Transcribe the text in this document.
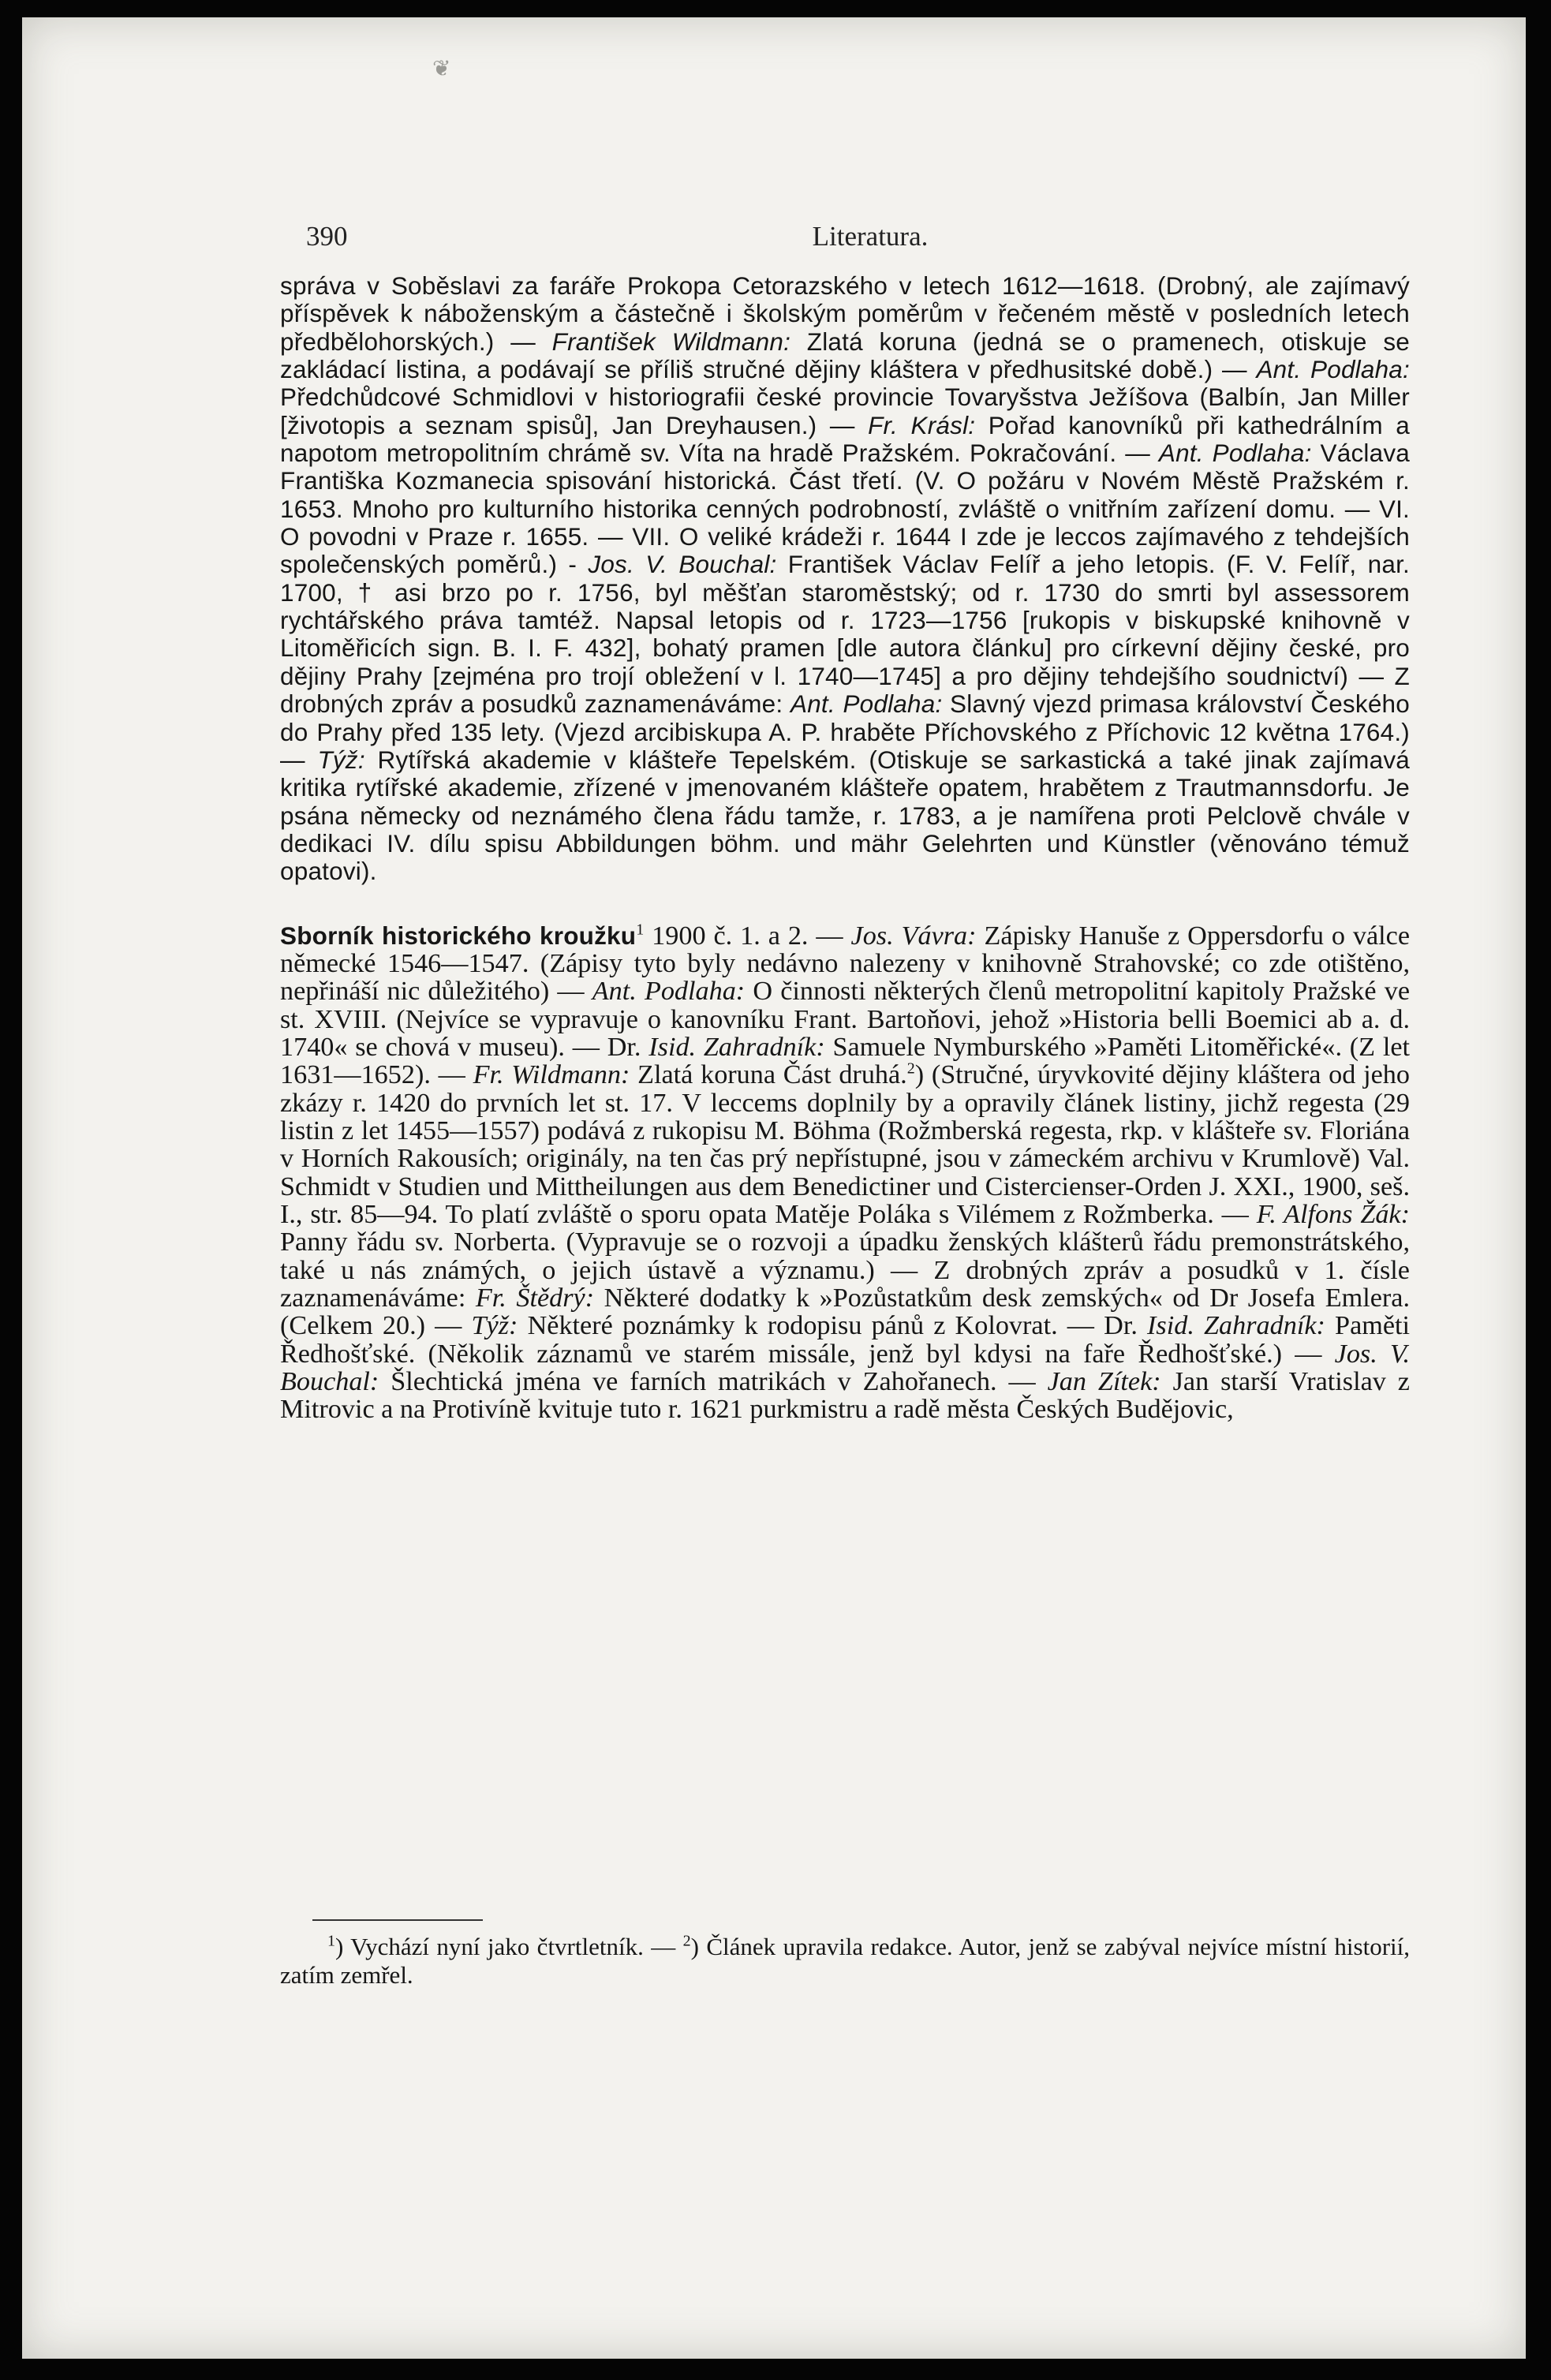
❦
Literatura.
390

správa v Soběslavi za faráře Prokopa Cetorazského v letech 1612—1618. (Drobný, ale zajímavý příspěvek k náboženským a částečně i školským poměrům v řečeném městě v posledních letech předbělohorských.) — František Wildmann: Zlatá koruna (jedná se o pramenech, otiskuje se zakládací listina, a podávají se příliš stručné dějiny kláštera v předhusitské době.) — Ant. Podlaha: Předchůdcové Schmidlovi v historiografii české provincie Tovaryšstva Ježíšova (Balbín, Jan Miller [životopis a seznam spisů], Jan Dreyhausen.) — Fr. Krásl: Pořad kanovníků při kathedrálním a napotom metropolitním chrámě sv. Víta na hradě Pražském. Pokračování. — Ant. Podlaha: Václava Františka Kozmanecia spisování historická. Část třetí. (V. O požáru v Novém Městě Pražském r. 1653. Mnoho pro kulturního historika cenných podrobností, zvláště o vnitřním zařízení domu. — VI. O povodni v Praze r. 1655. — VII. O veliké krádeži r. 1644 I zde je leccos zajímavého z tehdejších společenských poměrů.) - Jos. V. Bouchal: František Václav Felíř a jeho letopis. (F. V. Felíř, nar. 1700, † asi brzo po r. 1756, byl měšťan staroměstský; od r. 1730 do smrti byl assessorem rychtářského práva tamtéž. Napsal letopis od r. 1723—1756 [rukopis v biskupské knihovně v Litoměřicích sign. B. I. F. 432], bohatý pramen [dle autora článku] pro církevní dějiny české, pro dějiny Prahy [zejména pro trojí obležení v l. 1740—1745] a pro dějiny tehdejšího soudnictví) — Z drobných zpráv a posudků zaznamenáváme: Ant. Podlaha: Slavný vjezd primasa království Českého do Prahy před 135 lety. (Vjezd arcibiskupa A. P. hraběte Příchovského z Příchovic 12 května 1764.) — Týž: Rytířská akademie v klášteře Tepelském. (Otiskuje se sarkastická a také jinak zajímavá kritika rytířské akademie, zřízené v jmenovaném klášteře opatem, hrabětem z Trautmannsdorfu. Je psána německy od neznámého člena řádu tamže, r. 1783, a je namířena proti Pelclově chvále v dedikaci IV. dílu spisu Abbildungen böhm. und mähr Gelehrten und Künstler (věnováno témuž opatovi).

Sborník historického kroužku$^1$ 1900 č. 1. a 2. — Jos. Vávra: Zápisky Hanuše z Oppersdorfu o válce německé 1546—1547. (Zápisy tyto byly nedávno nalezeny v knihovně Strahovské; co zde otištěno, nepřináší nic důležitého) — Ant. Podlaha: O činnosti některých členů metropolitní kapitoly Pražské ve st. XVIII. (Nejvíce se vypravuje o kanovníku Frant. Bartoňovi, jehož »Historia belli Boemici ab a. d. 1740« se chová v museu). — Dr. Isid. Zahradník: Samuele Nymburského »Paměti Litoměřické«. (Z let 1631—1652). — Fr. Wildmann: Zlatá koruna Část druhá.$^2$) (Stručné, úryvkovité dějiny kláštera od jeho zkázy r. 1420 do prvních let st. 17. V leccems doplnily by a opravily článek listiny, jichž regesta (29 listin z let 1455—1557) podává z rukopisu M. Böhma (Rožmberská regesta, rkp. v klášteře sv. Floriána v Horních Rakousích; originály, na ten čas prý nepřístupné, jsou v zámeckém archivu v Krumlově) Val. Schmidt v Studien und Mittheilungen aus dem Benedictiner und Cistercienser-Orden J. XXI., 1900, seš. I., str. 85—94. To platí zvláště o sporu opata Matěje Poláka s Vilémem z Rožmberka. — F. Alfons Žák: Panny řádu sv. Norberta. (Vypravuje se o rozvoji a úpadku ženských klášterů řádu premonstrátského, také u nás známých, o jejich ústavě a významu.) — Z drobných zpráv a posudků v 1. čísle zaznamenáváme: Fr. Štědrý: Některé dodatky k »Pozůstatkům desk zemských« od Dr Josefa Emlera. (Celkem 20.) — Týž: Některé poznámky k rodopisu pánů z Kolovrat. — Dr. Isid. Zahradník: Paměti Ředhošťské. (Několik záznamů ve starém missále, jenž byl kdysi na faře Ředhošťské.) — Jos. V. Bouchal: Šlechtická jména ve farních matrikách v Zahořanech. — Jan Zítek: Jan starší Vratislav z Mitrovic a na Protivíně kvituje tuto r. 1621 purkmistru a radě města Českých Budějovic,

$^1$) Vychází nyní jako čtvrtletník. — $^2$) Článek upravila redakce. Autor, jenž se zabýval nejvíce místní historií, zatím zemřel.
